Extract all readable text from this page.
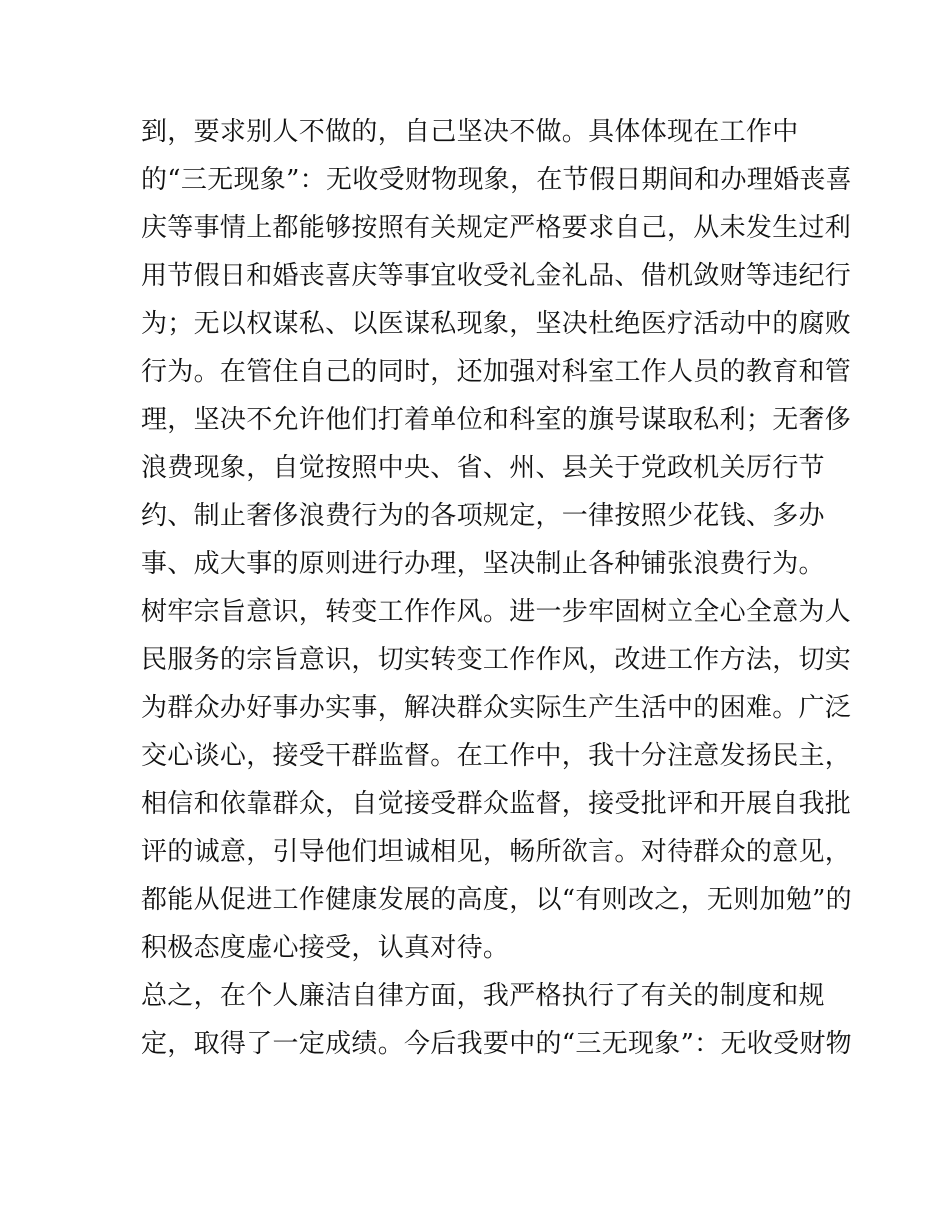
到，要求别人不做的，自己坚决不做。具体体现在工作中
的“三无现象”：无收受财物现象，在节假日期间和办理婚丧喜
庆等事情上都能够按照有关规定严格要求自己，从未发生过利
用节假日和婚丧喜庆等事宜收受礼金礼品、借机敛财等违纪行
为；无以权谋私、以医谋私现象，坚决杜绝医疗活动中的腐败
行为。在管住自己的同时，还加强对科室工作人员的教育和管
理，坚决不允许他们打着单位和科室的旗号谋取私利；无奢侈
浪费现象，自觉按照中央、省、州、县关于党政机关厉行节
约、制止奢侈浪费行为的各项规定，一律按照少花钱、多办
事、成大事的原则进行办理，坚决制止各种铺张浪费行为。
树牢宗旨意识，转变工作作风。进一步牢固树立全心全意为人
民服务的宗旨意识，切实转变工作作风，改进工作方法，切实
为群众办好事办实事，解决群众实际生产生活中的困难。广泛
交心谈心，接受干群监督。在工作中，我十分注意发扬民主，
相信和依靠群众，自觉接受群众监督，接受批评和开展自我批
评的诚意，引导他们坦诚相见，畅所欲言。对待群众的意见，
都能从促进工作健康发展的高度，以“有则改之，无则加勉”的
积极态度虚心接受，认真对待。
总之，在个人廉洁自律方面，我严格执行了有关的制度和规
定，取得了一定成绩。今后我要中的“三无现象”：无收受财物
